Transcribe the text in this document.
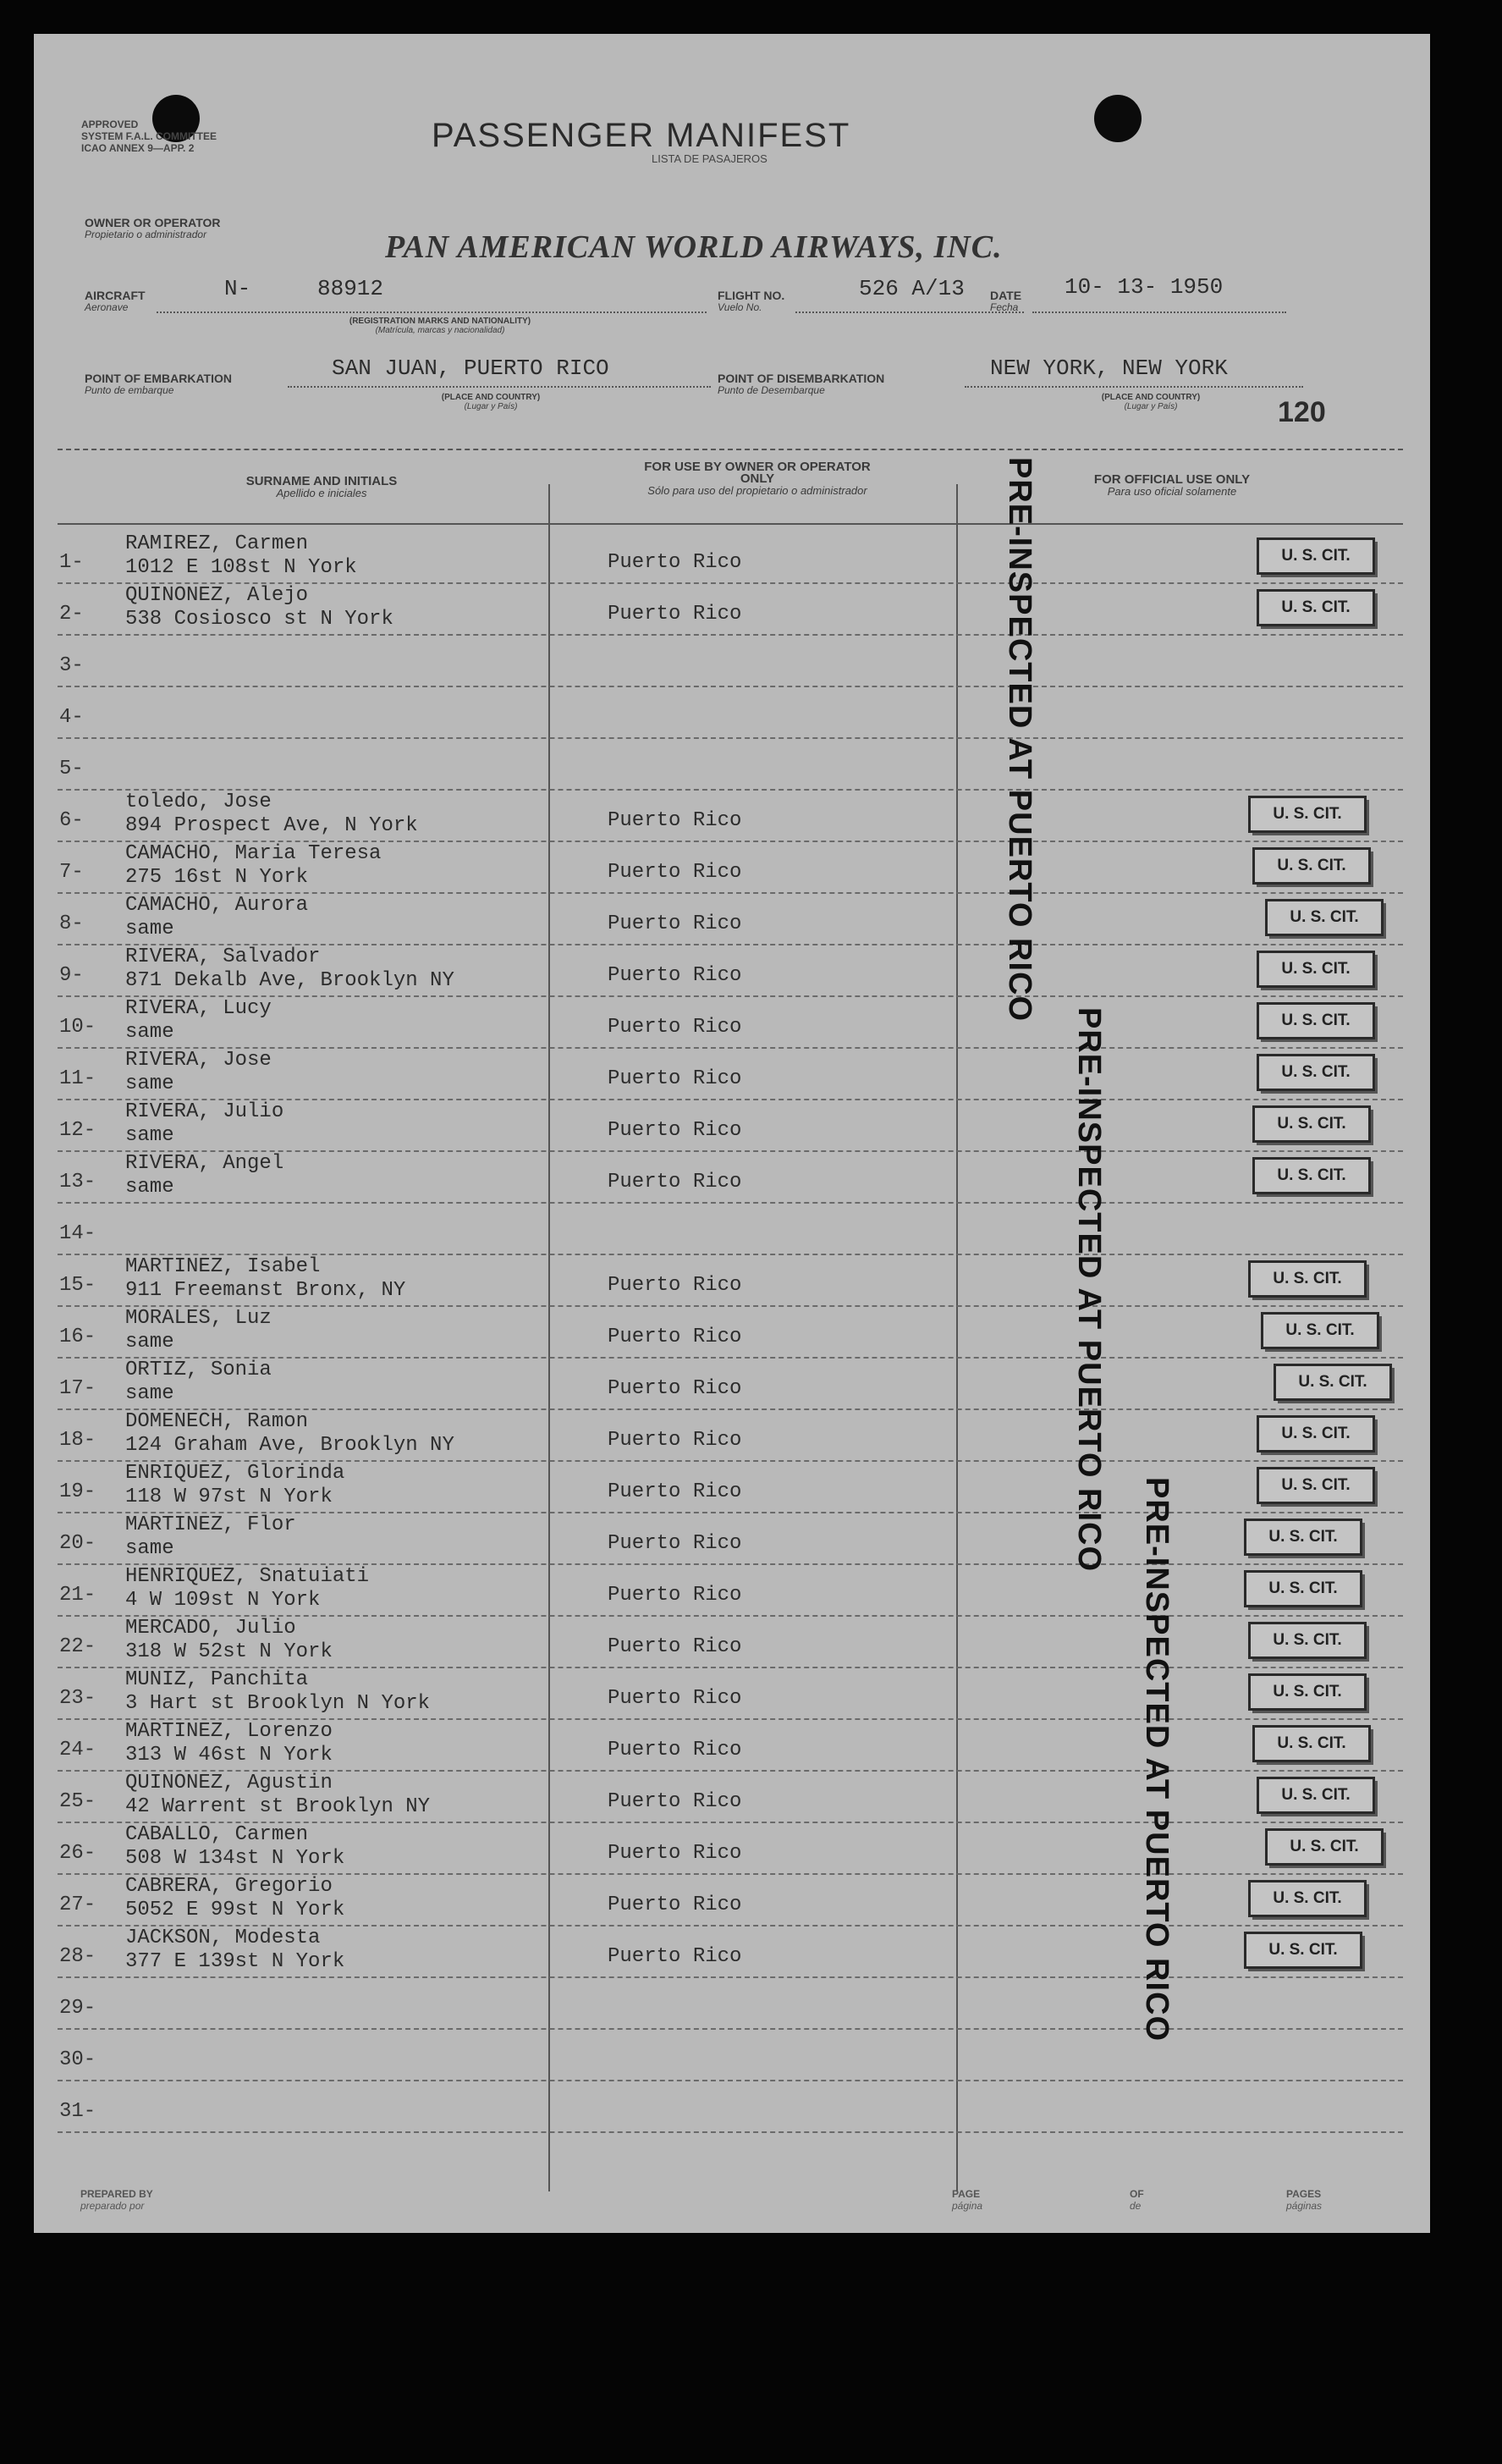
APPROVED
SYSTEM F.A.L. COMMITTEE
ICAO ANNEX 9—APP. 2	PASSENGER MANIFEST
LISTA DE PASAJEROS
OWNER OR OPERATOR
Propietario o administrador	PAN AMERICAN WORLD AIRWAYS, INC.
AIRCRAFT
Aeronave
N-	88912
(REGISTRATION MARKS AND NATIONALITY)
(Matrícula, marcas y nacionalidad)
FLIGHT NO.
Vuelo No.
526 A/13 DATE
Fecha
10- 13- 1950
POINT OF EMBARKATION
Punto de embarque
SAN JUAN, PUERTO RICO
(PLACE AND COUNTRY)
(Lugar y País)
POINT OF DISEMBARKATION
Punto de Desembarque
NEW YORK, NEW YORK
(PLACE AND COUNTRY)
(Lugar y País)	120
SURNAME AND INITIALS
Apellido e iniciales
FOR USE BY OWNER OR OPERATOR ONLY
Sólo para uso del propietario o administrador
FOR OFFICIAL USE ONLY
Para uso oficial solamente
1-
RAMIREZ, Carmen
1012 E 108st N York	Puerto Rico	U. S. CIT.
2-
QUINONEZ, Alejo
538 Cosiosco st N York	Puerto Rico	U. S. CIT.
3-
4-
5-
6-
toledo, Jose
894 Prospect Ave, N York	Puerto Rico	U. S. CIT.
7-
CAMACHO, Maria Teresa
275 16st N York	Puerto Rico	U. S. CIT.
8-
CAMACHO, Aurora
same	Puerto Rico	U. S. CIT.
9-
RIVERA, Salvador
871 Dekalb Ave, Brooklyn NY	Puerto Rico	U. S. CIT.
10-
RIVERA, Lucy
same	Puerto Rico	U. S. CIT.
11-
RIVERA, Jose
same	Puerto Rico	U. S. CIT.
12-
RIVERA, Julio
same	Puerto Rico	U. S. CIT.
13-
RIVERA, Angel
same	Puerto Rico	U. S. CIT.
14-
15-
MARTINEZ, Isabel
911 Freemanst Bronx, NY	Puerto Rico	U. S. CIT.
16-
MORALES, Luz
same	Puerto Rico	U. S. CIT.
17-
ORTIZ, Sonia
same	Puerto Rico	U. S. CIT.
18-
DOMENECH, Ramon
124 Graham Ave, Brooklyn NY	Puerto Rico	U. S. CIT.
19-
ENRIQUEZ, Glorinda
118 W 97st N York	Puerto Rico	U. S. CIT.
20-
MARTINEZ, Flor
same	Puerto Rico	U. S. CIT.
21-
HENRIQUEZ, Snatuiati
4 W 109st N York	Puerto Rico	U. S. CIT.
22-
MERCADO, Julio
318 W 52st N York	Puerto Rico	U. S. CIT.
23-
MUNIZ, Panchita
3 Hart st Brooklyn N York	Puerto Rico	U. S. CIT.
24-
MARTINEZ, Lorenzo
313 W 46st N York	Puerto Rico	U. S. CIT.
25-
QUINONEZ, Agustin
42 Warrent st Brooklyn NY	Puerto Rico	U. S. CIT.
26-
CABALLO, Carmen
508 W 134st N York	Puerto Rico	U. S. CIT.
27-
CABRERA, Gregorio
5052 E 99st N York	Puerto Rico	U. S. CIT.
28-
JACKSON, Modesta
377 E 139st N York	Puerto Rico	U. S. CIT.
29-
30-
31-
PRE-INSPECTED AT PUERTO RICO
PRE-INSPECTED AT PUERTO RICO
PRE-INSPECTED AT PUERTO RICO
PREPARED BY
preparado por
PAGE
página
OF
de
PAGES
páginas
